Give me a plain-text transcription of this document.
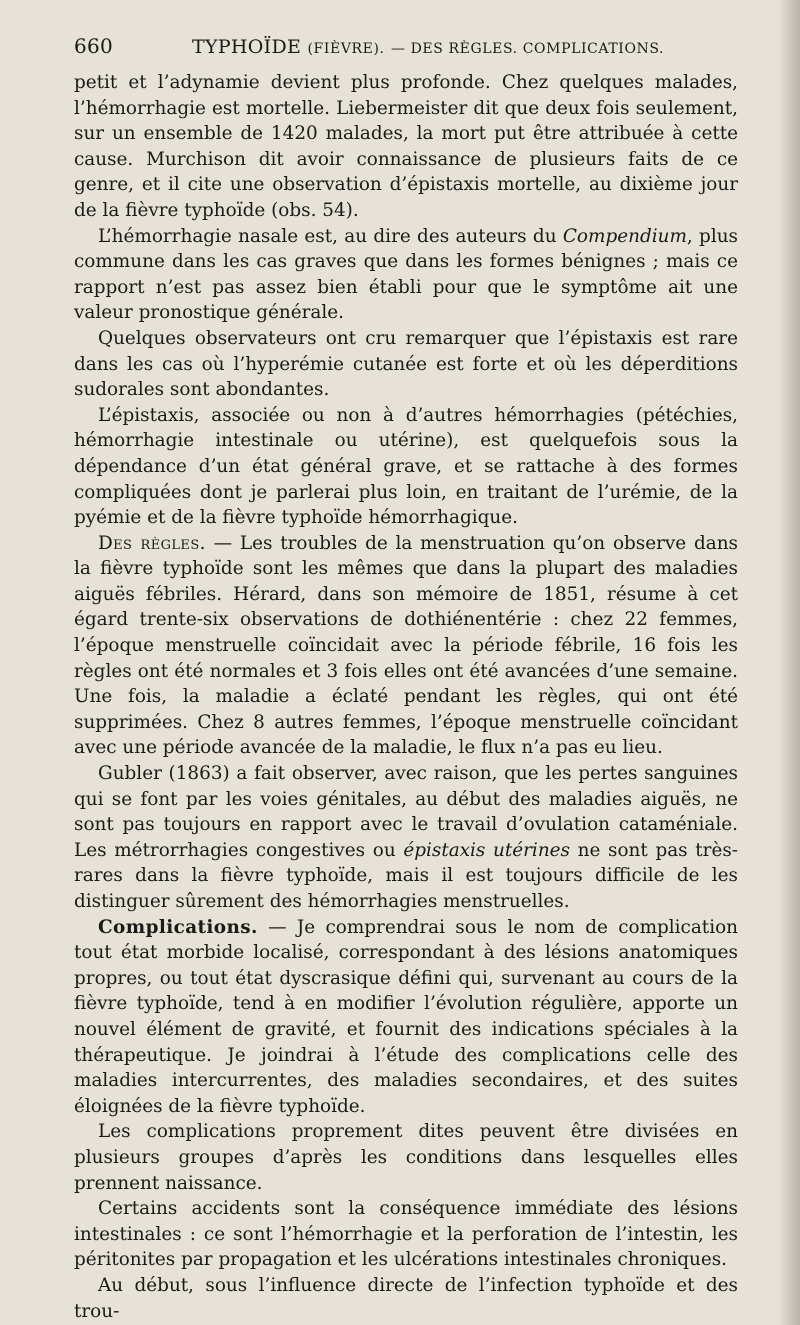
660	TYPHOÏDE (FIÈVRE). — DES RÈGLES. COMPLICATIONS.

petit et l’adynamie devient plus profonde. Chez quelques malades, l’hémorrhagie est mortelle. Liebermeister dit que deux fois seulement, sur un ensemble de 1420 malades, la mort put être attribuée à cette cause. Murchison dit avoir connaissance de plusieurs faits de ce genre, et il cite une observation d’épistaxis mortelle, au dixième jour de la fièvre typhoïde (obs. 54).

L’hémorrhagie nasale est, au dire des auteurs du Compendium, plus commune dans les cas graves que dans les formes bénignes ; mais ce rapport n’est pas assez bien établi pour que le symptôme ait une valeur pronostique générale.

Quelques observateurs ont cru remarquer que l’épistaxis est rare dans les cas où l’hyperémie cutanée est forte et où les déperditions sudorales sont abondantes.

L’épistaxis, associée ou non à d’autres hémorrhagies (pétéchies, hémorrhagie intestinale ou utérine), est quelquefois sous la dépendance d’un état général grave, et se rattache à des formes compliquées dont je parlerai plus loin, en traitant de l’urémie, de la pyémie et de la fièvre typhoïde hémorrhagique.

Des règles. — Les troubles de la menstruation qu’on observe dans la fièvre typhoïde sont les mêmes que dans la plupart des maladies aiguës fébriles. Hérard, dans son mémoire de 1851, résume à cet égard trente-six observations de dothiénentérie : chez 22 femmes, l’époque menstruelle coïncidait avec la période fébrile, 16 fois les règles ont été normales et 3 fois elles ont été avancées d’une semaine. Une fois, la maladie a éclaté pendant les règles, qui ont été supprimées. Chez 8 autres femmes, l’époque menstruelle coïncidant avec une période avancée de la maladie, le flux n’a pas eu lieu.

Gubler (1863) a fait observer, avec raison, que les pertes sanguines qui se font par les voies génitales, au début des maladies aiguës, ne sont pas toujours en rapport avec le travail d’ovulation cataméniale. Les métrorrhagies congestives ou épistaxis utérines ne sont pas très-rares dans la fièvre typhoïde, mais il est toujours difficile de les distinguer sûrement des hémorrhagies menstruelles.

Complications. — Je comprendrai sous le nom de complication tout état morbide localisé, correspondant à des lésions anatomiques propres, ou tout état dyscrasique défini qui, survenant au cours de la fièvre typhoïde, tend à en modifier l’évolution régulière, apporte un nouvel élément de gravité, et fournit des indications spéciales à la thérapeutique. Je joindrai à l’étude des complications celle des maladies intercurrentes, des maladies secondaires, et des suites éloignées de la fièvre typhoïde.

Les complications proprement dites peuvent être divisées en plusieurs groupes d’après les conditions dans lesquelles elles prennent naissance.

Certains accidents sont la conséquence immédiate des lésions intestinales : ce sont l’hémorrhagie et la perforation de l’intestin, les péritonites par propagation et les ulcérations intestinales chroniques.

Au début, sous l’influence directe de l’infection typhoïde et des trou-
